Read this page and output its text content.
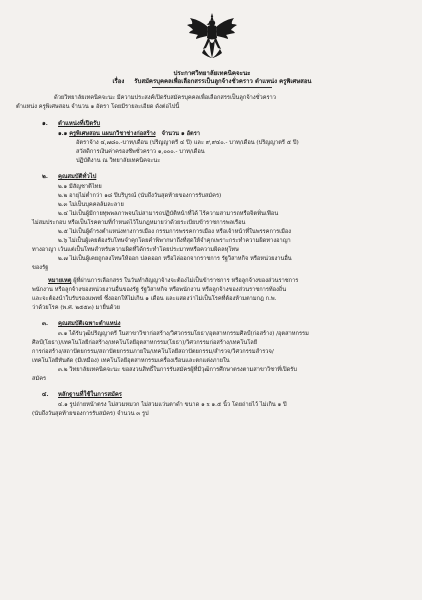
ประกาศวิทยาลัยเทคนิคจะนะ
เรื่อง รับสมัครบุคคลเพื่อเลือกสรรเป็นลูกจ้างชั่วคราว ตำแหน่ง ครูพิเศษสอน

ด้วยวิทยาลัยเทคนิคจะนะ มีความประสงค์เปิดรับสมัครบุคคลเพื่อเลือกสรรเป็นลูกจ้างชั่วคราว

ตำแหน่ง ครูพิเศษสอน จำนวน ๑ อัตรา โดยมีรายละเอียด ดังต่อไปนี้

๑. ตำแหน่งที่เปิดรับ

๑.๑ ครูพิเศษสอน แผนกวิชาช่างก่อสร้าง จำนวน ๑ อัตรา

อัตราจ้าง ๔,๗๘๐.-บาท/เดือน (ปริญญาตรี ๔ ปี) และ ๙,๙๔๐.- บาท/เดือน (ปริญญาตรี ๕ ปี)

สวัสดิการเงินค่าครองชีพชั่วคราว ๑,๐๐๐.- บาท/เดือน

ปฏิบัติงาน ณ วิทยาลัยเทคนิคจะนะ

๒. คุณสมบัติทั่วไป

๒.๑ มีสัญชาติไทย

๒.๒ อายุไม่ต่ำกว่า ๑๘ ปีบริบูรณ์ (นับถึงวันสุดท้ายของการรับสมัคร)

๒.๓ ไม่เป็นบุคคลล้มละลาย

๒.๔ ไม่เป็นผู้มีกายทุพพลภาพจนไม่สามารถปฏิบัติหน้าที่ได้ ไร้ความสามารถหรือจิตฟั่นเฟือน

ไม่สมประกอบ หรือเป็นโรคตามที่กำหนดไว้ในกฎหมายว่าด้วยระเบียบข้าราชการพลเรือน

๒.๕ ไม่เป็นผู้ดำรงตำแหน่งทางการเมือง กรรมการพรรคการเมือง หรือเจ้าหน้าที่ในพรรคการเมือง

๒.๖ ไม่เป็นผู้เคยต้องรับโทษจำคุกโดยคำพิพากษาถึงที่สุดให้จำคุกเพราะกระทำความผิดทางอาญา

ทางอาญา เว้นแต่เป็นโทษสำหรับความผิดที่ได้กระทำโดยประมาทหรือความผิดลหุโทษ

๒.๗ ไม่เป็นผู้เคยถูกลงโทษให้ออก ปลดออก หรือไล่ออกจากราชการ รัฐวิสาหกิจ หรือหน่วยงานอื่น

ของรัฐ

หมายเหตุ ผู้ที่ผ่านการเลือกสรร ในวันทำสัญญาจ้างจะต้องไม่เป็นข้าราชการ หรือลูกจ้างของส่วนราชการ

พนักงาน หรือลูกจ้างของหน่วยงานอื่นของรัฐ รัฐวิสาหกิจ หรือพนักงาน หรือลูกจ้างของส่วนราชการท้องถิ่น

และจะต้องนำใบรับรองแพทย์ ซึ่งออกให้ไม่เกิน ๑ เดือน และแสดงว่าไม่เป็นโรคที่ต้องห้ามตามกฎ ก.พ.

ว่าด้วยโรค (พ.ศ. ๒๕๕๓) มายื่นด้วย

๓. คุณสมบัติเฉพาะตำแหน่ง

๓.๑ ได้รับวุฒิปริญญาตรี ในสาขาวิชาก่อสร้าง/วิศวกรรมโยธา/อุตสาหกรรมศิลป์(ก่อสร้าง) /อุตสาหกรรม

ศิลป์(โยธา)/เทคโนโลยีก่อสร้าง/เทคโนโลยีอุตสาหกรรม(โยธา)/วิศวกรรมก่อสร้าง/เทคโนโลยี

การก่อสร้าง/สถาปัตยกรรม/สถาปัตยกรรมภายใน/เทคโนโลยีสถาปัตยกรรม/สำรวจ/วิศวกรรมสำรวจ/

เทคโนโลยีทันตัด (มีเหมือง) เทคโนโลยีอุตสาหกรรมเครื่องเรือนและตกแต่งภายใน

๓.๒ วิทยาลัยเทคนิคจะนะ ขอสงวนสิทธิ์ในการรับสมัครผู้ที่มีวุฒิการศึกษาตรงตามสาขาวิชาที่เปิดรับ

สมัคร

๔. หลักฐานที่ใช้ในการสมัคร

๔.๑ รูปถ่ายหน้าตรง ไม่สวมหมวก ไม่สวมแว่นตาดำ ขนาด ๑ x ๑.๕ นิ้ว โดยถ่ายไว้ ไม่เกิน ๑ ปี

(นับถึงวันสุดท้ายของการรับสมัคร) จำนวน ๓ รูป
